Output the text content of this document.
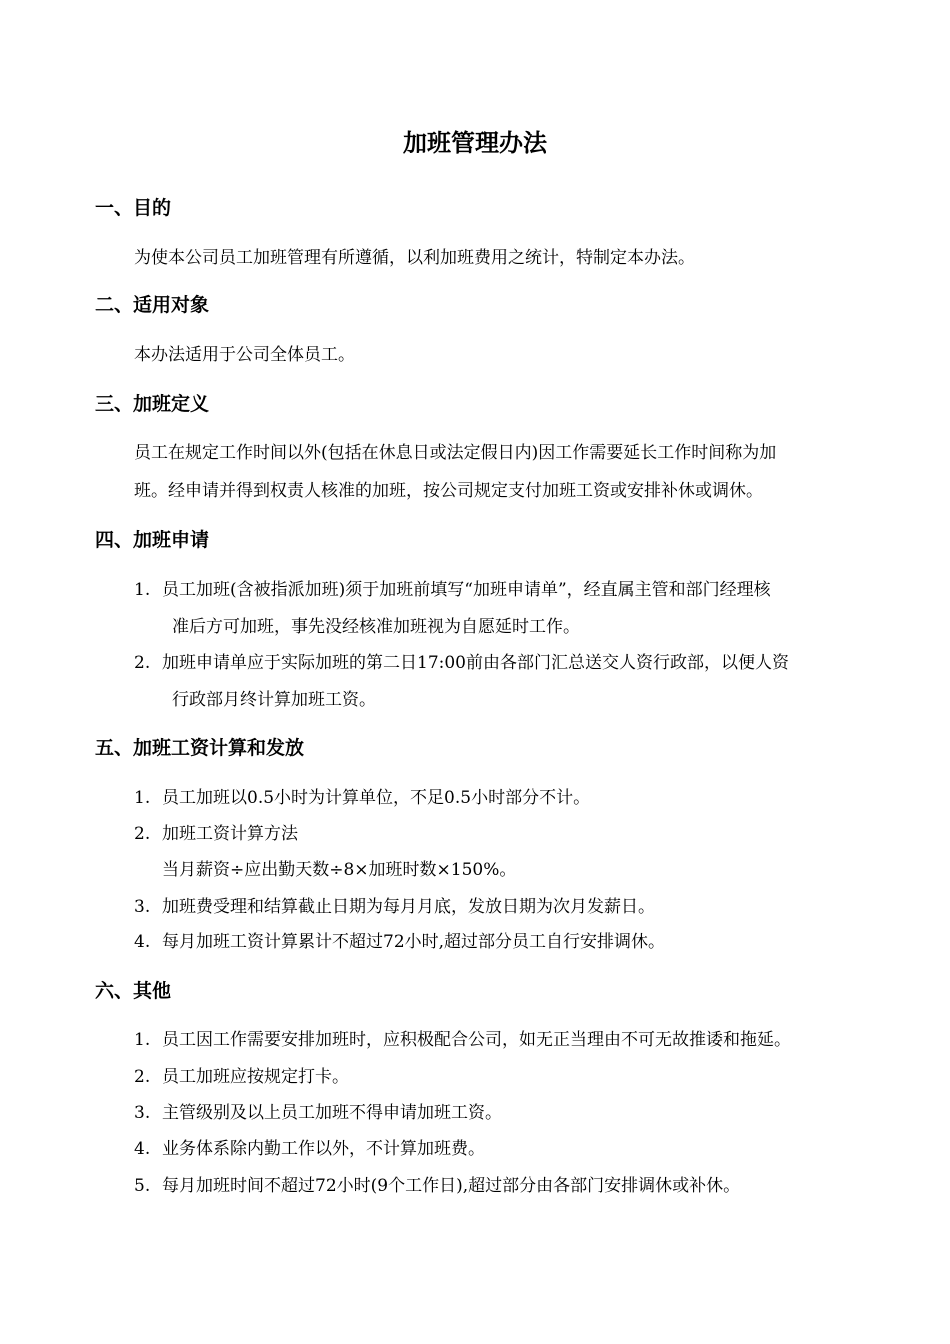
加班管理办法
一、目的
为使本公司员工加班管理有所遵循，以利加班费用之统计，特制定本办法。
二、适用对象
本办法适用于公司全体员工。
三、加班定义
员工在规定工作时间以外(包括在休息日或法定假日内)因工作需要延长工作时间称为加
班。经申请并得到权责人核准的加班，按公司规定支付加班工资或安排补休或调休。
四、加班申请
1. 员工加班(含被指派加班)须于加班前填写“加班申请单”，经直属主管和部门经理核
准后方可加班，事先没经核准加班视为自愿延时工作。
2. 加班申请单应于实际加班的第二日17:00前由各部门汇总送交人资行政部，以便人资
行政部月终计算加班工资。
五、加班工资计算和发放
1. 员工加班以0.5小时为计算单位，不足0.5小时部分不计。
2. 加班工资计算方法
当月薪资÷应出勤天数÷8×加班时数×150%。
3. 加班费受理和结算截止日期为每月月底，发放日期为次月发薪日。
4. 每月加班工资计算累计不超过72小时,超过部分员工自行安排调休。
六、其他
1. 员工因工作需要安排加班时，应积极配合公司，如无正当理由不可无故推诿和拖延。
2. 员工加班应按规定打卡。
3. 主管级别及以上员工加班不得申请加班工资。
4. 业务体系除内勤工作以外，不计算加班费。
5. 每月加班时间不超过72小时(9个工作日),超过部分由各部门安排调休或补休。
